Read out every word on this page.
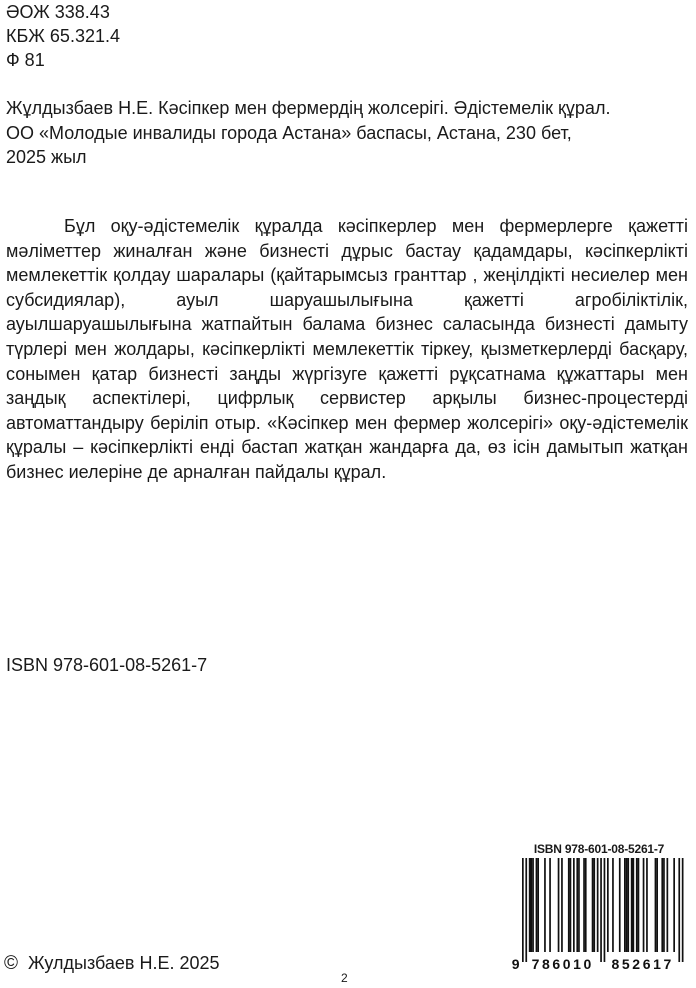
ӘОЖ 338.43
КБЖ 65.321.4
Ф 81
Жұлдызбаев Н.Е. Кәсіпкер мен фермердің жолсерігі. Әдістемелік құрал.
ОО «Молодые инвалиды города Астана» баспасы, Астана, 230 бет,
2025 жыл

Бұл оқу-әдістемелік құралда кәсіпкерлер мен фермерлерге қажетті мәліметтер жиналған және бизнесті дұрыс бастау қадамдары, кәсіпкерлікті мемлекеттік қолдау шаралары (қайтарымсыз гранттар , жеңілдікті несиелер мен субсидиялар), ауыл шаруашылығына қажетті агробіліктілік, ауылшаруашылығына жатпайтын балама бизнес саласында бизнесті дамыту түрлері мен жолдары, кәсіпкерлікті мемлекеттік тіркеу, қызметкерлерді басқару, сонымен қатар бизнесті заңды жүргізуге қажетті рұқсатнама құжаттары мен заңдық аспектілері, цифрлық сервистер арқылы бизнес-процестерді автоматтандыру беріліп отыр. «Кәсіпкер мен фермер жолсерігі» оқу-әдістемелік құралы – кәсіпкерлікті енді бастап жатқан жандарға да, өз ісін дамытып жатқан бизнес иелеріне де арналған пайдалы құрал.

ISBN 978-601-08-5261-7
ISBN 978-601-08-5261-7
9 786010 852617
© Жулдызбаев Н.Е. 2025
2
